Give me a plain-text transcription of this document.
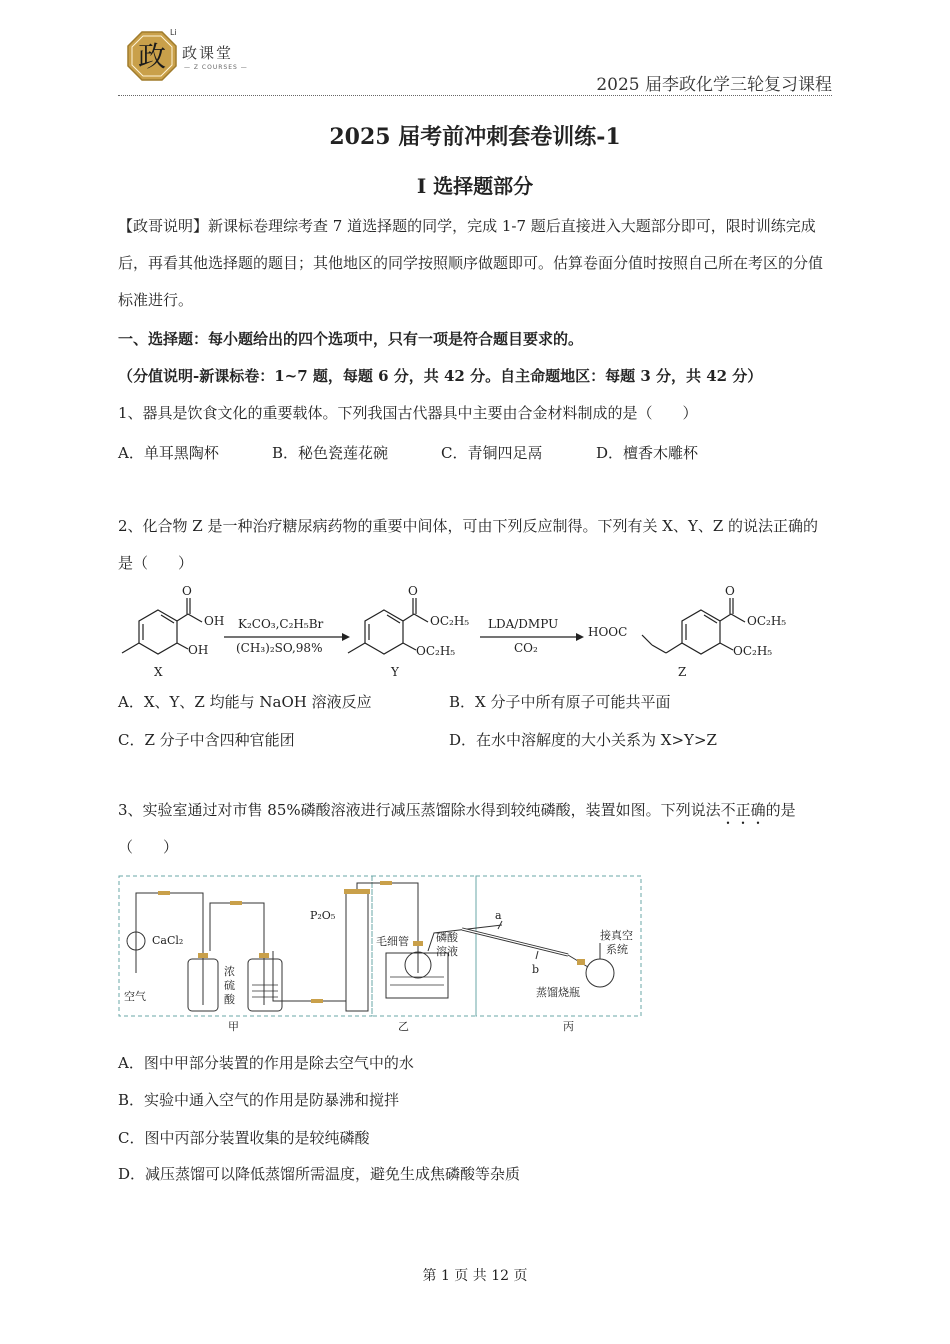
政
Li
政课堂
— Z COURSES —
2025 届李政化学三轮复习课程
2025 届考前冲刺套卷训练-1
I 选择题部分
【政哥说明】新课标卷理综考查 7 道选择题的同学，完成 1-7 题后直接进入大题部分即可，限时训练完成后，再看其他选择题的题目；其他地区的同学按照顺序做题即可。估算卷面分值时按照自己所在考区的分值标准进行。
一、选择题：每小题给出的四个选项中，只有一项是符合题目要求的。
（分值说明-新课标卷：1~7 题，每题 6 分，共 42 分。自主命题地区：每题 3 分，共 42 分）
1、器具是饮食文化的重要载体。下列我国古代器具中主要由合金材料制成的是（　　）
A．单耳黑陶杯	B．秘色瓷莲花碗	C．青铜四足鬲	D．檀香木雕杯
2、化合物 Z 是一种治疗糖尿病药物的重要中间体，可由下列反应制得。下列有关 X、Y、Z 的说法正确的是（　　）
O
OH
OH
X
K₂CO₃,C₂H₅Br
(CH₃)₂SO,98%
O
OC₂H₅
OC₂H₅
Y
LDA/DMPU
CO₂
HOOC
O
OC₂H₅
OC₂H₅
Z
A．X、Y、Z 均能与 NaOH 溶液反应	B．X 分子中所有原子可能共平面
C．Z 分子中含四种官能团	D．在水中溶解度的大小关系为 X>Y>Z
3、实验室通过对市售 85%磷酸溶液进行减压蒸馏除水得到较纯磷酸，装置如图。下列说法不正确的是（　　）
CaCl₂
空气
浓
硫
酸
P₂O₅
毛细管 磷酸
溶液
a
b
接真空
系统
蒸馏烧瓶
甲	乙	丙
A．图中甲部分装置的作用是除去空气中的水
B．实验中通入空气的作用是防暴沸和搅拌
C．图中丙部分装置收集的是较纯磷酸
D．减压蒸馏可以降低蒸馏所需温度，避免生成焦磷酸等杂质
第 1 页 共 12 页
